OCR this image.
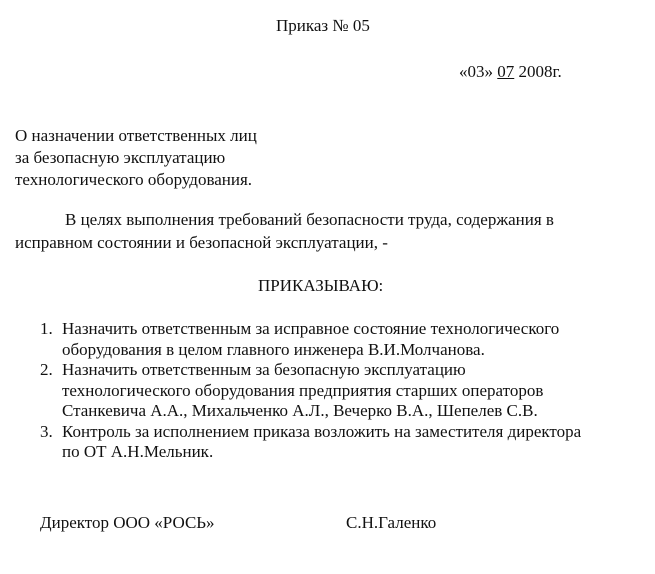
Приказ № 05
«03» 07 2008г.
О назначении ответственных лиц
за безопасную эксплуатацию
технологического оборудования.
В целях выполнения требований безопасности труда, содержания в
исправном состоянии и безопасной эксплуатации, -
ПРИКАЗЫВАЮ:
1. Назначить ответственным за исправное состояние технологического
оборудования в целом главного инженера В.И.Молчанова.
2. Назначить ответственным за безопасную эксплуатацию
технологического оборудования предприятия старших операторов
Станкевича А.А., Михальченко А.Л., Вечерко В.А., Шепелев С.В.
3. Контроль за исполнением приказа возложить на заместителя директора
по ОТ А.Н.Мельник.
Директор ООО «РОСЬ»	С.Н.Галенко
